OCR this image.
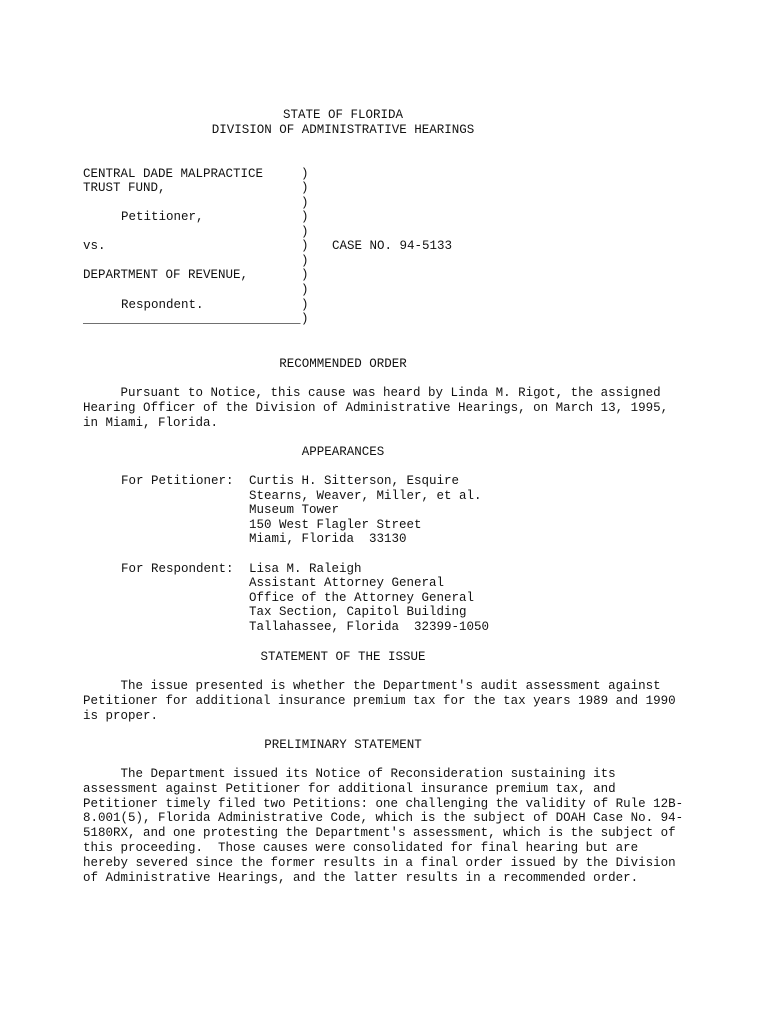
STATE OF FLORIDA
DIVISION OF ADMINISTRATIVE HEARINGS
CENTRAL DADE MALPRACTICE
TRUST FUND,
Petitioner,
vs.	CASE NO. 94-5133
DEPARTMENT OF REVENUE,
Respondent.
_____________________________
)
)
)
)
)
)
)
)
)
)
)
RECOMMENDED ORDER
Pursuant to Notice, this cause was heard by Linda M. Rigot, the assigned
Hearing Officer of the Division of Administrative Hearings, on March 13, 1995,
in Miami, Florida.
APPEARANCES
For Petitioner: Curtis H. Sitterson, Esquire
Stearns, Weaver, Miller, et al.
Museum Tower
150 West Flagler Street
Miami, Florida  33130
For Respondent: Lisa M. Raleigh
Assistant Attorney General
Office of the Attorney General
Tax Section, Capitol Building
Tallahassee, Florida  32399-1050
STATEMENT OF THE ISSUE
The issue presented is whether the Department's audit assessment against
Petitioner for additional insurance premium tax for the tax years 1989 and 1990
is proper.
PRELIMINARY STATEMENT
The Department issued its Notice of Reconsideration sustaining its
assessment against Petitioner for additional insurance premium tax, and
Petitioner timely filed two Petitions: one challenging the validity of Rule 12B-
8.001(5), Florida Administrative Code, which is the subject of DOAH Case No. 94-
5180RX, and one protesting the Department's assessment, which is the subject of
this proceeding.  Those causes were consolidated for final hearing but are
hereby severed since the former results in a final order issued by the Division
of Administrative Hearings, and the latter results in a recommended order.
